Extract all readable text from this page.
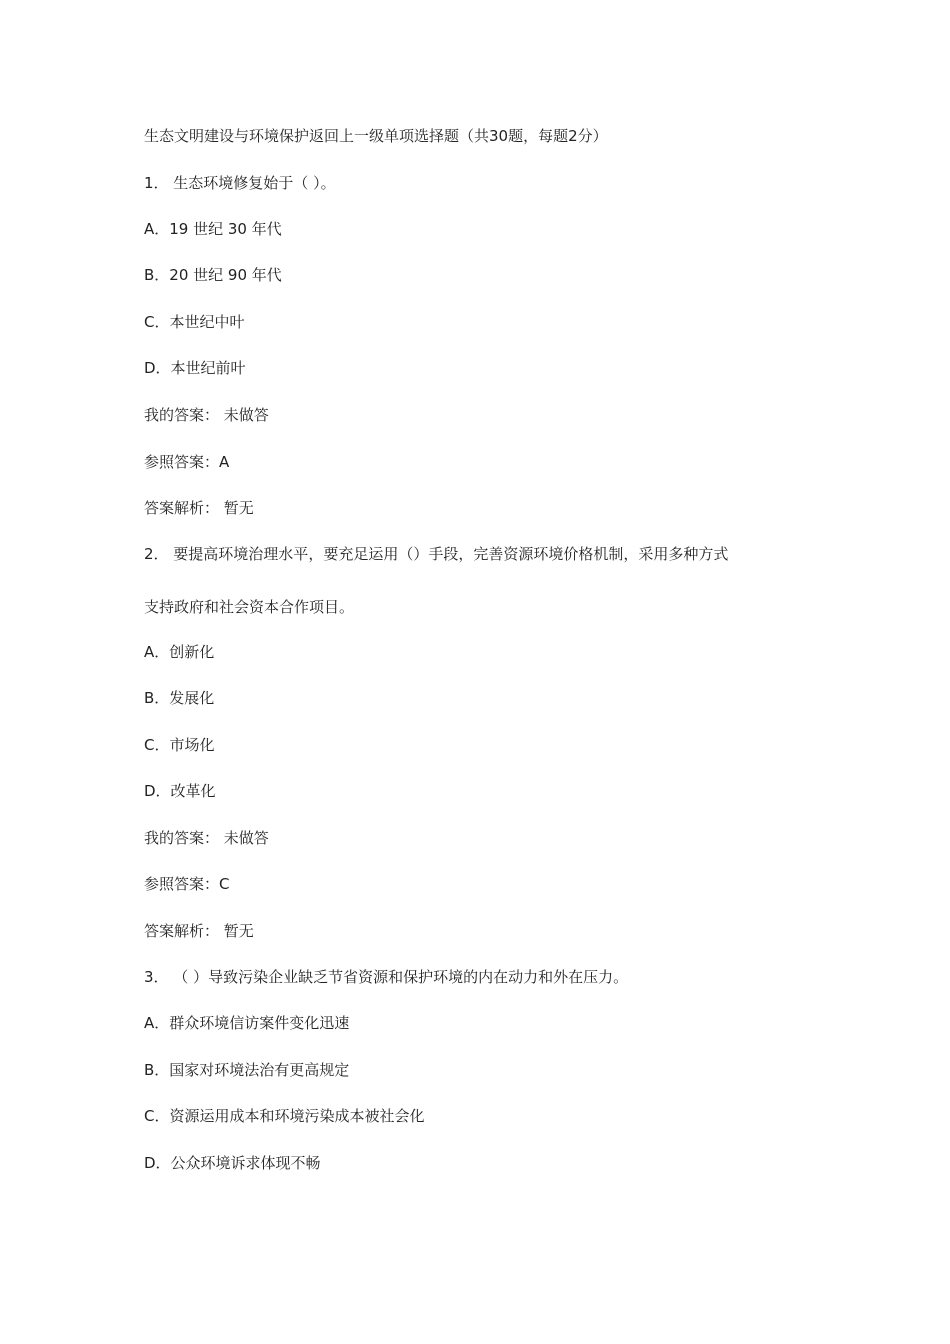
生态文明建设与环境保护返回上一级单项选择题（共30题，每题2分）
1． 生态环境修复始于（ ）。
A．19 世纪 30 年代
B．20 世纪 90 年代
C．本世纪中叶
D．本世纪前叶
我的答案： 未做答
参照答案：A
答案解析： 暂无
2． 要提高环境治理水平，要充足运用（）手段，完善资源环境价格机制，采用多种方式
支持政府和社会资本合作项目。
A．创新化
B．发展化
C．市场化
D．改革化
我的答案： 未做答
参照答案：C
答案解析： 暂无
3． （ ）导致污染企业缺乏节省资源和保护环境的内在动力和外在压力。
A．群众环境信访案件变化迅速
B．国家对环境法治有更高规定
C．资源运用成本和环境污染成本被社会化
D．公众环境诉求体现不畅
